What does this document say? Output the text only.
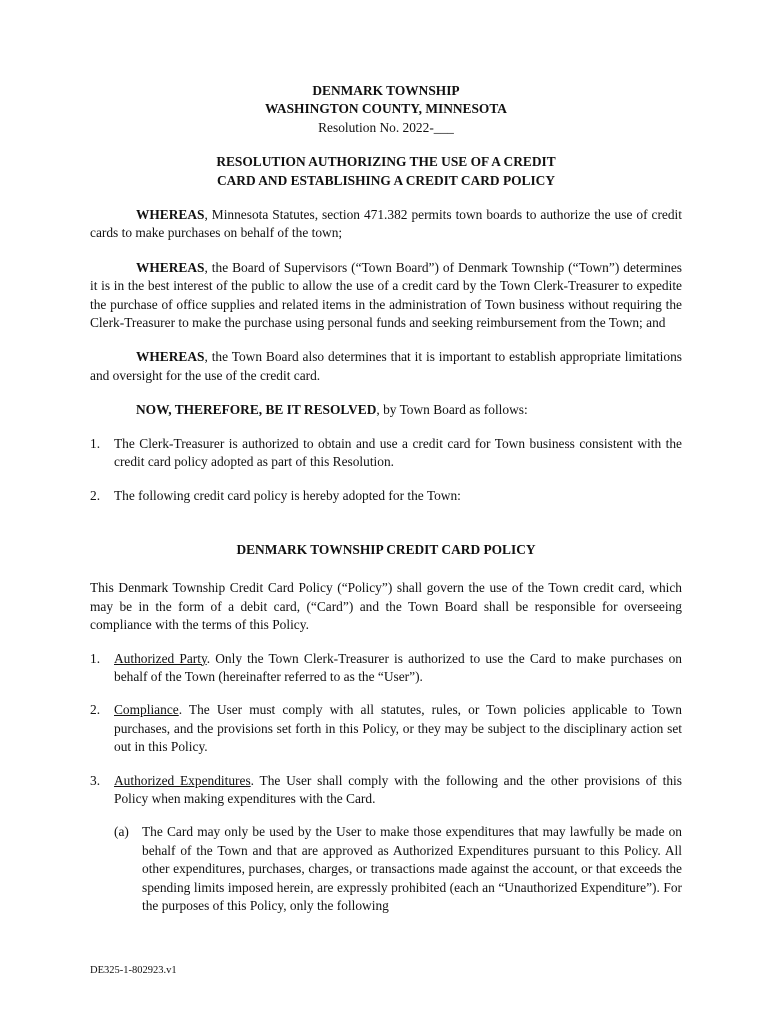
DENMARK TOWNSHIP
WASHINGTON COUNTY, MINNESOTA
Resolution No. 2022-___
RESOLUTION AUTHORIZING THE USE OF A CREDIT
CARD AND ESTABLISHING A CREDIT CARD POLICY

WHEREAS, Minnesota Statutes, section 471.382 permits town boards to authorize the use of credit cards to make purchases on behalf of the town;

WHEREAS, the Board of Supervisors (“Town Board”) of Denmark Township (“Town”) determines it is in the best interest of the public to allow the use of a credit card by the Town Clerk-Treasurer to expedite the purchase of office supplies and related items in the administration of Town business without requiring the Clerk-Treasurer to make the purchase using personal funds and seeking reimbursement from the Town; and

WHEREAS, the Town Board also determines that it is important to establish appropriate limitations and oversight for the use of the credit card.

NOW, THEREFORE, BE IT RESOLVED, by Town Board as follows:

1.	The Clerk-Treasurer is authorized to obtain and use a credit card for Town business consistent with the credit card policy adopted as part of this Resolution.
2.	The following credit card policy is hereby adopted for the Town:
DENMARK TOWNSHIP CREDIT CARD POLICY

This Denmark Township Credit Card Policy (“Policy”) shall govern the use of the Town credit card, which may be in the form of a debit card, (“Card”) and the Town Board shall be responsible for overseeing compliance with the terms of this Policy.

1.	Authorized Party. Only the Town Clerk-Treasurer is authorized to use the Card to make purchases on behalf of the Town (hereinafter referred to as the “User”).
2.	Compliance. The User must comply with all statutes, rules, or Town policies applicable to Town purchases, and the provisions set forth in this Policy, or they may be subject to the disciplinary action set out in this Policy.
3.	Authorized Expenditures. The User shall comply with the following and the other provisions of this Policy when making expenditures with the Card.
(a) The Card may only be used by the User to make those expenditures that may lawfully be made on behalf of the Town and that are approved as Authorized Expenditures pursuant to this Policy. All other expenditures, purchases, charges, or transactions made against the account, or that exceeds the spending limits imposed herein, are expressly prohibited (each an “Unauthorized Expenditure”). For the purposes of this Policy, only the following
DE325-1-802923.v1
